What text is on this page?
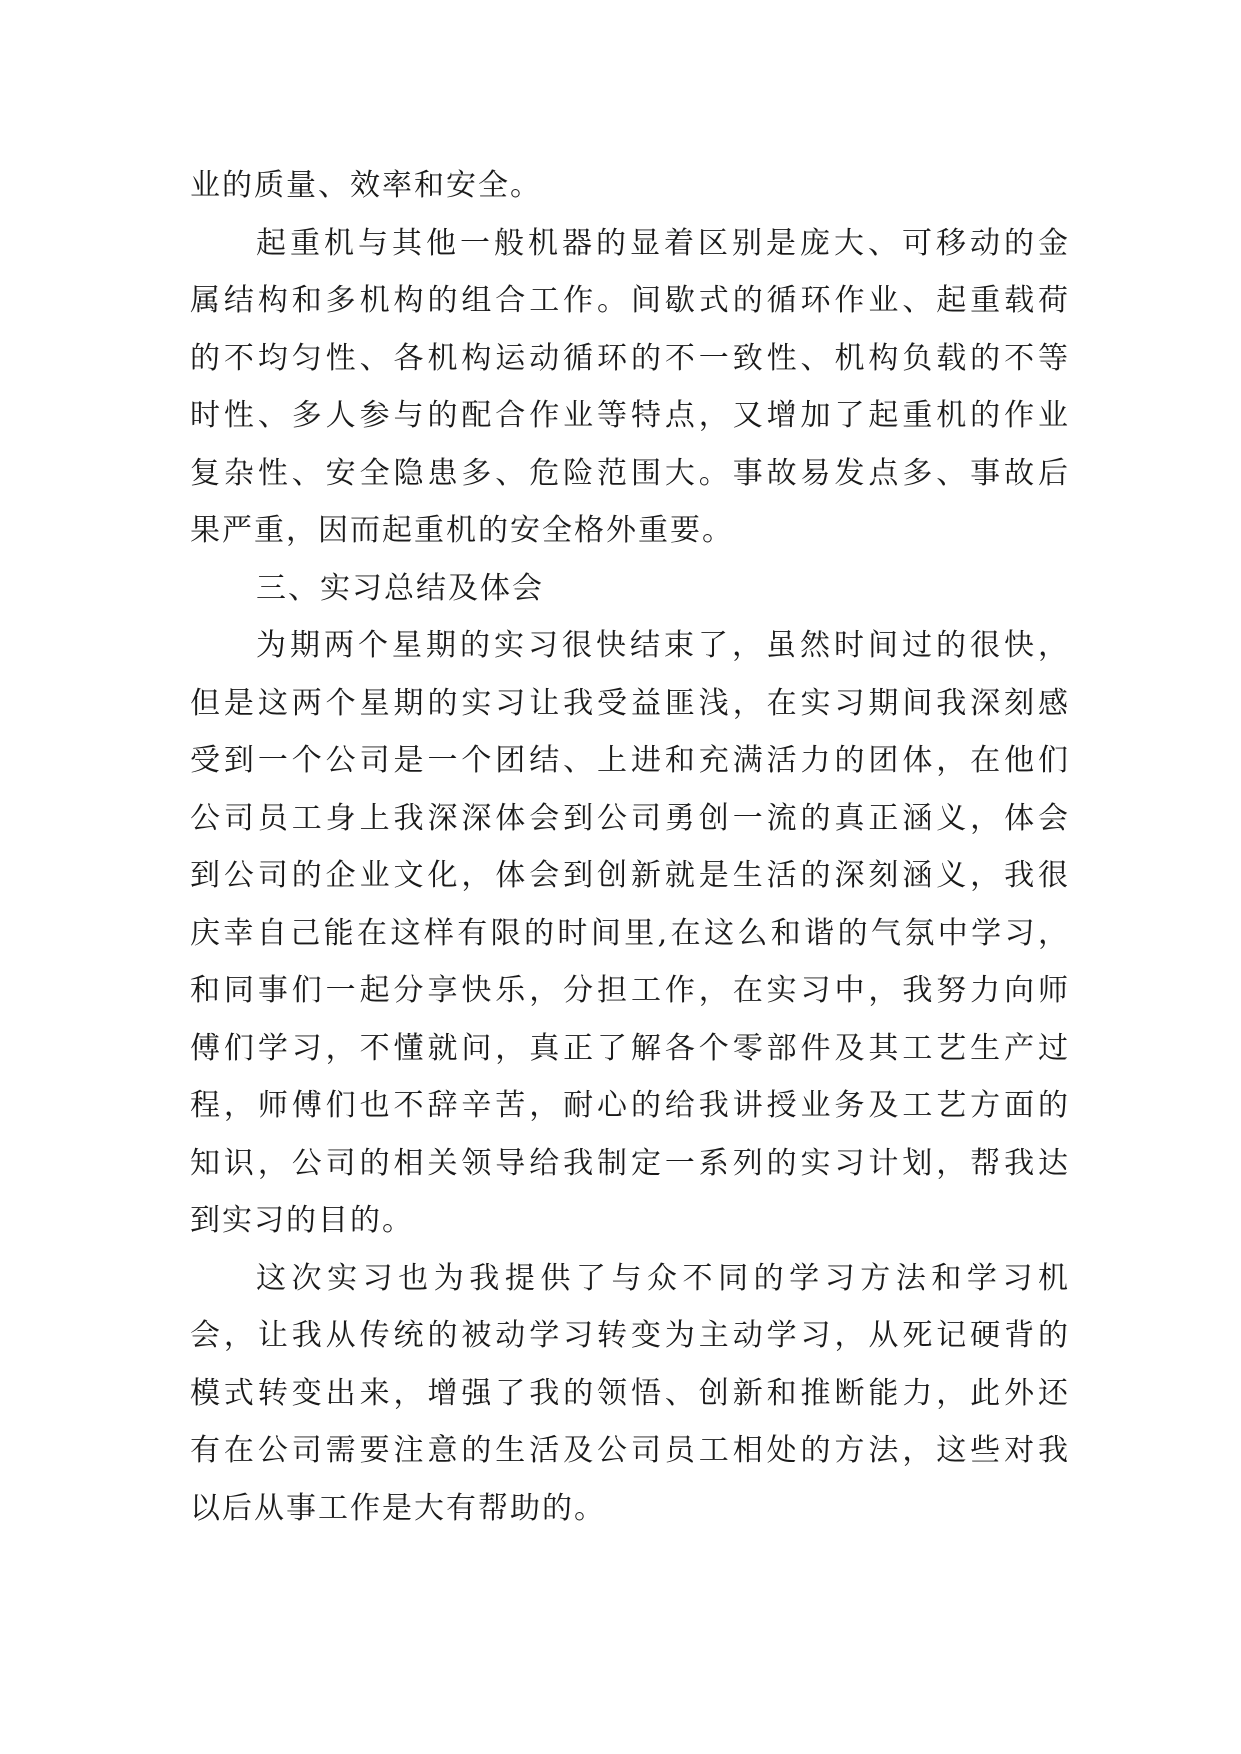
业的质量、效率和安全。
起重机与其他一般机器的显着区别是庞大、可移动的金
属结构和多机构的组合工作。间歇式的循环作业、起重载荷
的不均匀性、各机构运动循环的不一致性、机构负载的不等
时性、多人参与的配合作业等特点，又增加了起重机的作业
复杂性、安全隐患多、危险范围大。事故易发点多、事故后
果严重，因而起重机的安全格外重要。
三、实习总结及体会
为期两个星期的实习很快结束了，虽然时间过的很快，
但是这两个星期的实习让我受益匪浅，在实习期间我深刻感
受到一个公司是一个团结、上进和充满活力的团体，在他们
公司员工身上我深深体会到公司勇创一流的真正涵义，体会
到公司的企业文化，体会到创新就是生活的深刻涵义，我很
庆幸自己能在这样有限的时间里,在这么和谐的气氛中学习，
和同事们一起分享快乐，分担工作，在实习中，我努力向师
傅们学习，不懂就问，真正了解各个零部件及其工艺生产过
程，师傅们也不辞辛苦，耐心的给我讲授业务及工艺方面的
知识，公司的相关领导给我制定一系列的实习计划，帮我达
到实习的目的。
这次实习也为我提供了与众不同的学习方法和学习机
会，让我从传统的被动学习转变为主动学习，从死记硬背的
模式转变出来，增强了我的领悟、创新和推断能力，此外还
有在公司需要注意的生活及公司员工相处的方法，这些对我
以后从事工作是大有帮助的。
